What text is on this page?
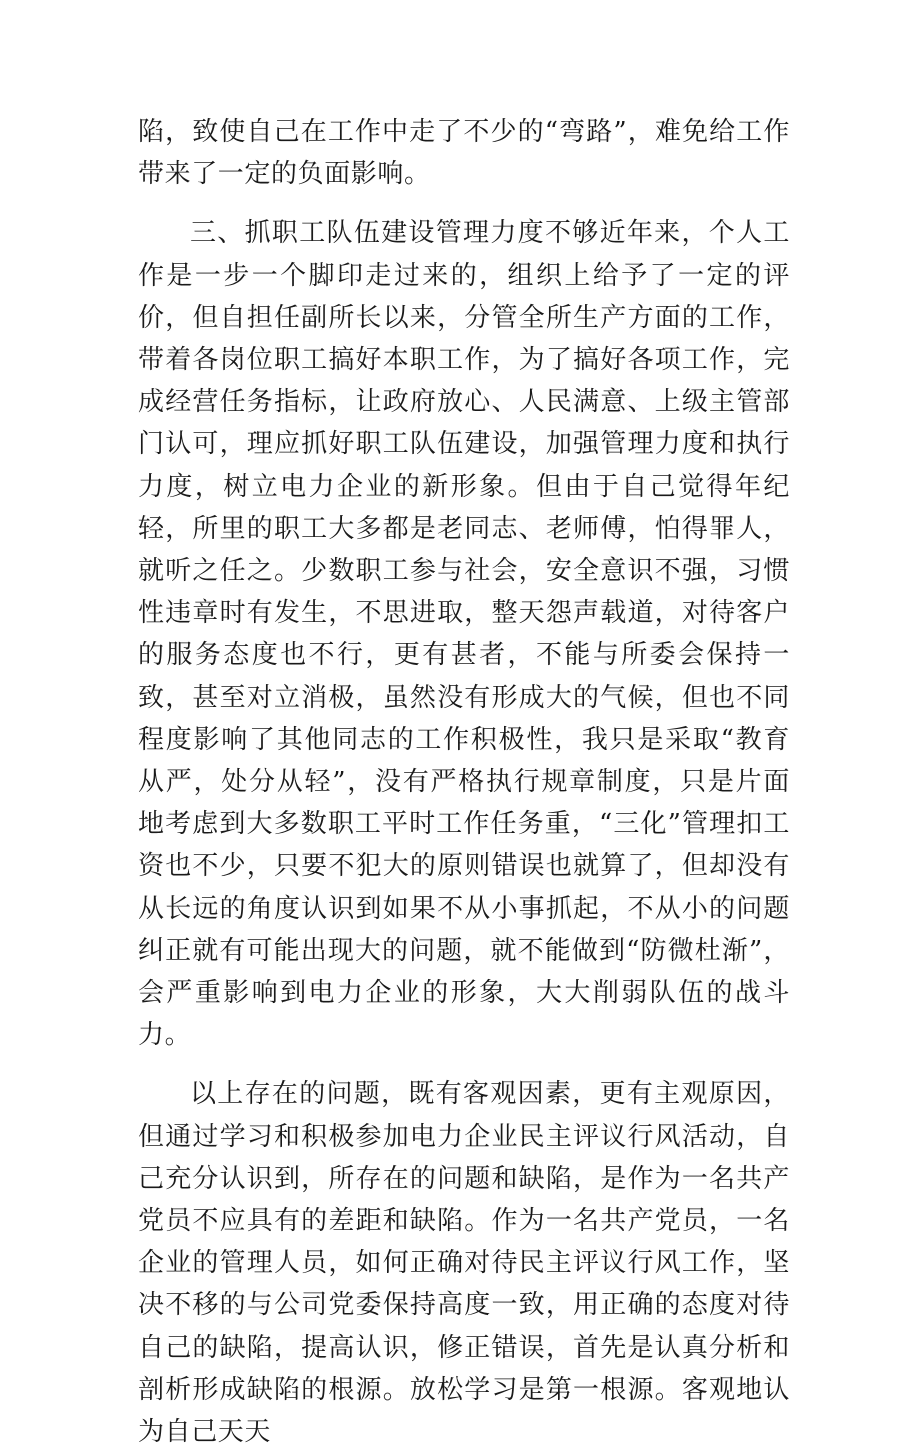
陷，致使自己在工作中走了不少的“弯路”，难免给工作带来了一定的负面影响。

三、抓职工队伍建设管理力度不够近年来，个人工作是一步一个脚印走过来的，组织上给予了一定的评价，但自担任副所长以来，分管全所生产方面的工作，带着各岗位职工搞好本职工作，为了搞好各项工作，完成经营任务指标，让政府放心、人民满意、上级主管部门认可，理应抓好职工队伍建设，加强管理力度和执行力度，树立电力企业的新形象。但由于自己觉得年纪轻，所里的职工大多都是老同志、老师傅，怕得罪人，就听之任之。少数职工参与社会，安全意识不强，习惯性违章时有发生，不思进取，整天怨声载道，对待客户的服务态度也不行，更有甚者，不能与所委会保持一致，甚至对立消极，虽然没有形成大的气候，但也不同程度影响了其他同志的工作积极性，我只是采取“教育从严，处分从轻”，没有严格执行规章制度，只是片面地考虑到大多数职工平时工作任务重，“三化”管理扣工资也不少，只要不犯大的原则错误也就算了，但却没有从长远的角度认识到如果不从小事抓起，不从小的问题纠正就有可能出现大的问题，就不能做到“防微杜渐”，会严重影响到电力企业的形象，大大削弱队伍的战斗力。

以上存在的问题，既有客观因素，更有主观原因，但通过学习和积极参加电力企业民主评议行风活动，自己充分认识到，所存在的问题和缺陷，是作为一名共产党员不应具有的差距和缺陷。作为一名共产党员，一名企业的管理人员，如何正确对待民主评议行风工作，坚决不移的与公司党委保持高度一致，用正确的态度对待自己的缺陷，提高认识，修正错误，首先是认真分析和剖析形成缺陷的根源。放松学习是第一根源。客观地认为自己天天
